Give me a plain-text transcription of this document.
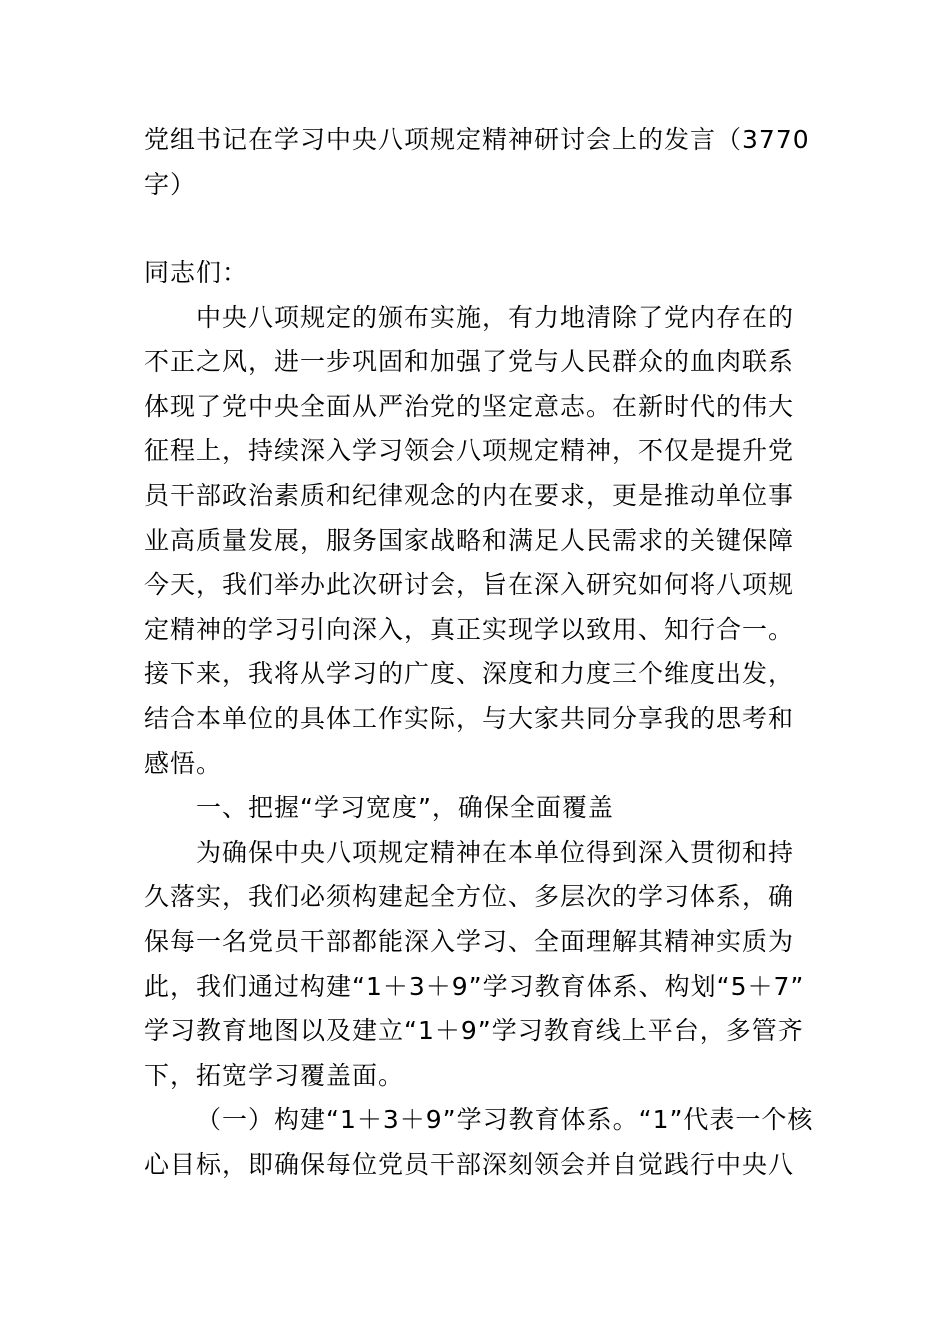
党组书记在学习中央八项规定精神研讨会上的发言（3770
字）
同志们：
中央八项规定的颁布实施，有力地清除了党内存在的
不正之风，进一步巩固和加强了党与人民群众的血肉联系
体现了党中央全面从严治党的坚定意志。在新时代的伟大
征程上，持续深入学习领会八项规定精神，不仅是提升党
员干部政治素质和纪律观念的内在要求，更是推动单位事
业高质量发展，服务国家战略和满足人民需求的关键保障
今天，我们举办此次研讨会，旨在深入研究如何将八项规
定精神的学习引向深入，真正实现学以致用、知行合一。
接下来，我将从学习的广度、深度和力度三个维度出发，
结合本单位的具体工作实际，与大家共同分享我的思考和
感悟。
一、把握“学习宽度”，确保全面覆盖
为确保中央八项规定精神在本单位得到深入贯彻和持
久落实，我们必须构建起全方位、多层次的学习体系，确
保每一名党员干部都能深入学习、全面理解其精神实质为
此，我们通过构建“1＋3＋9”学习教育体系、构划“5＋7”
学习教育地图以及建立“1＋9”学习教育线上平台，多管齐
下，拓宽学习覆盖面。
（一）构建“1＋3＋9”学习教育体系。“1”代表一个核
心目标，即确保每位党员干部深刻领会并自觉践行中央八
